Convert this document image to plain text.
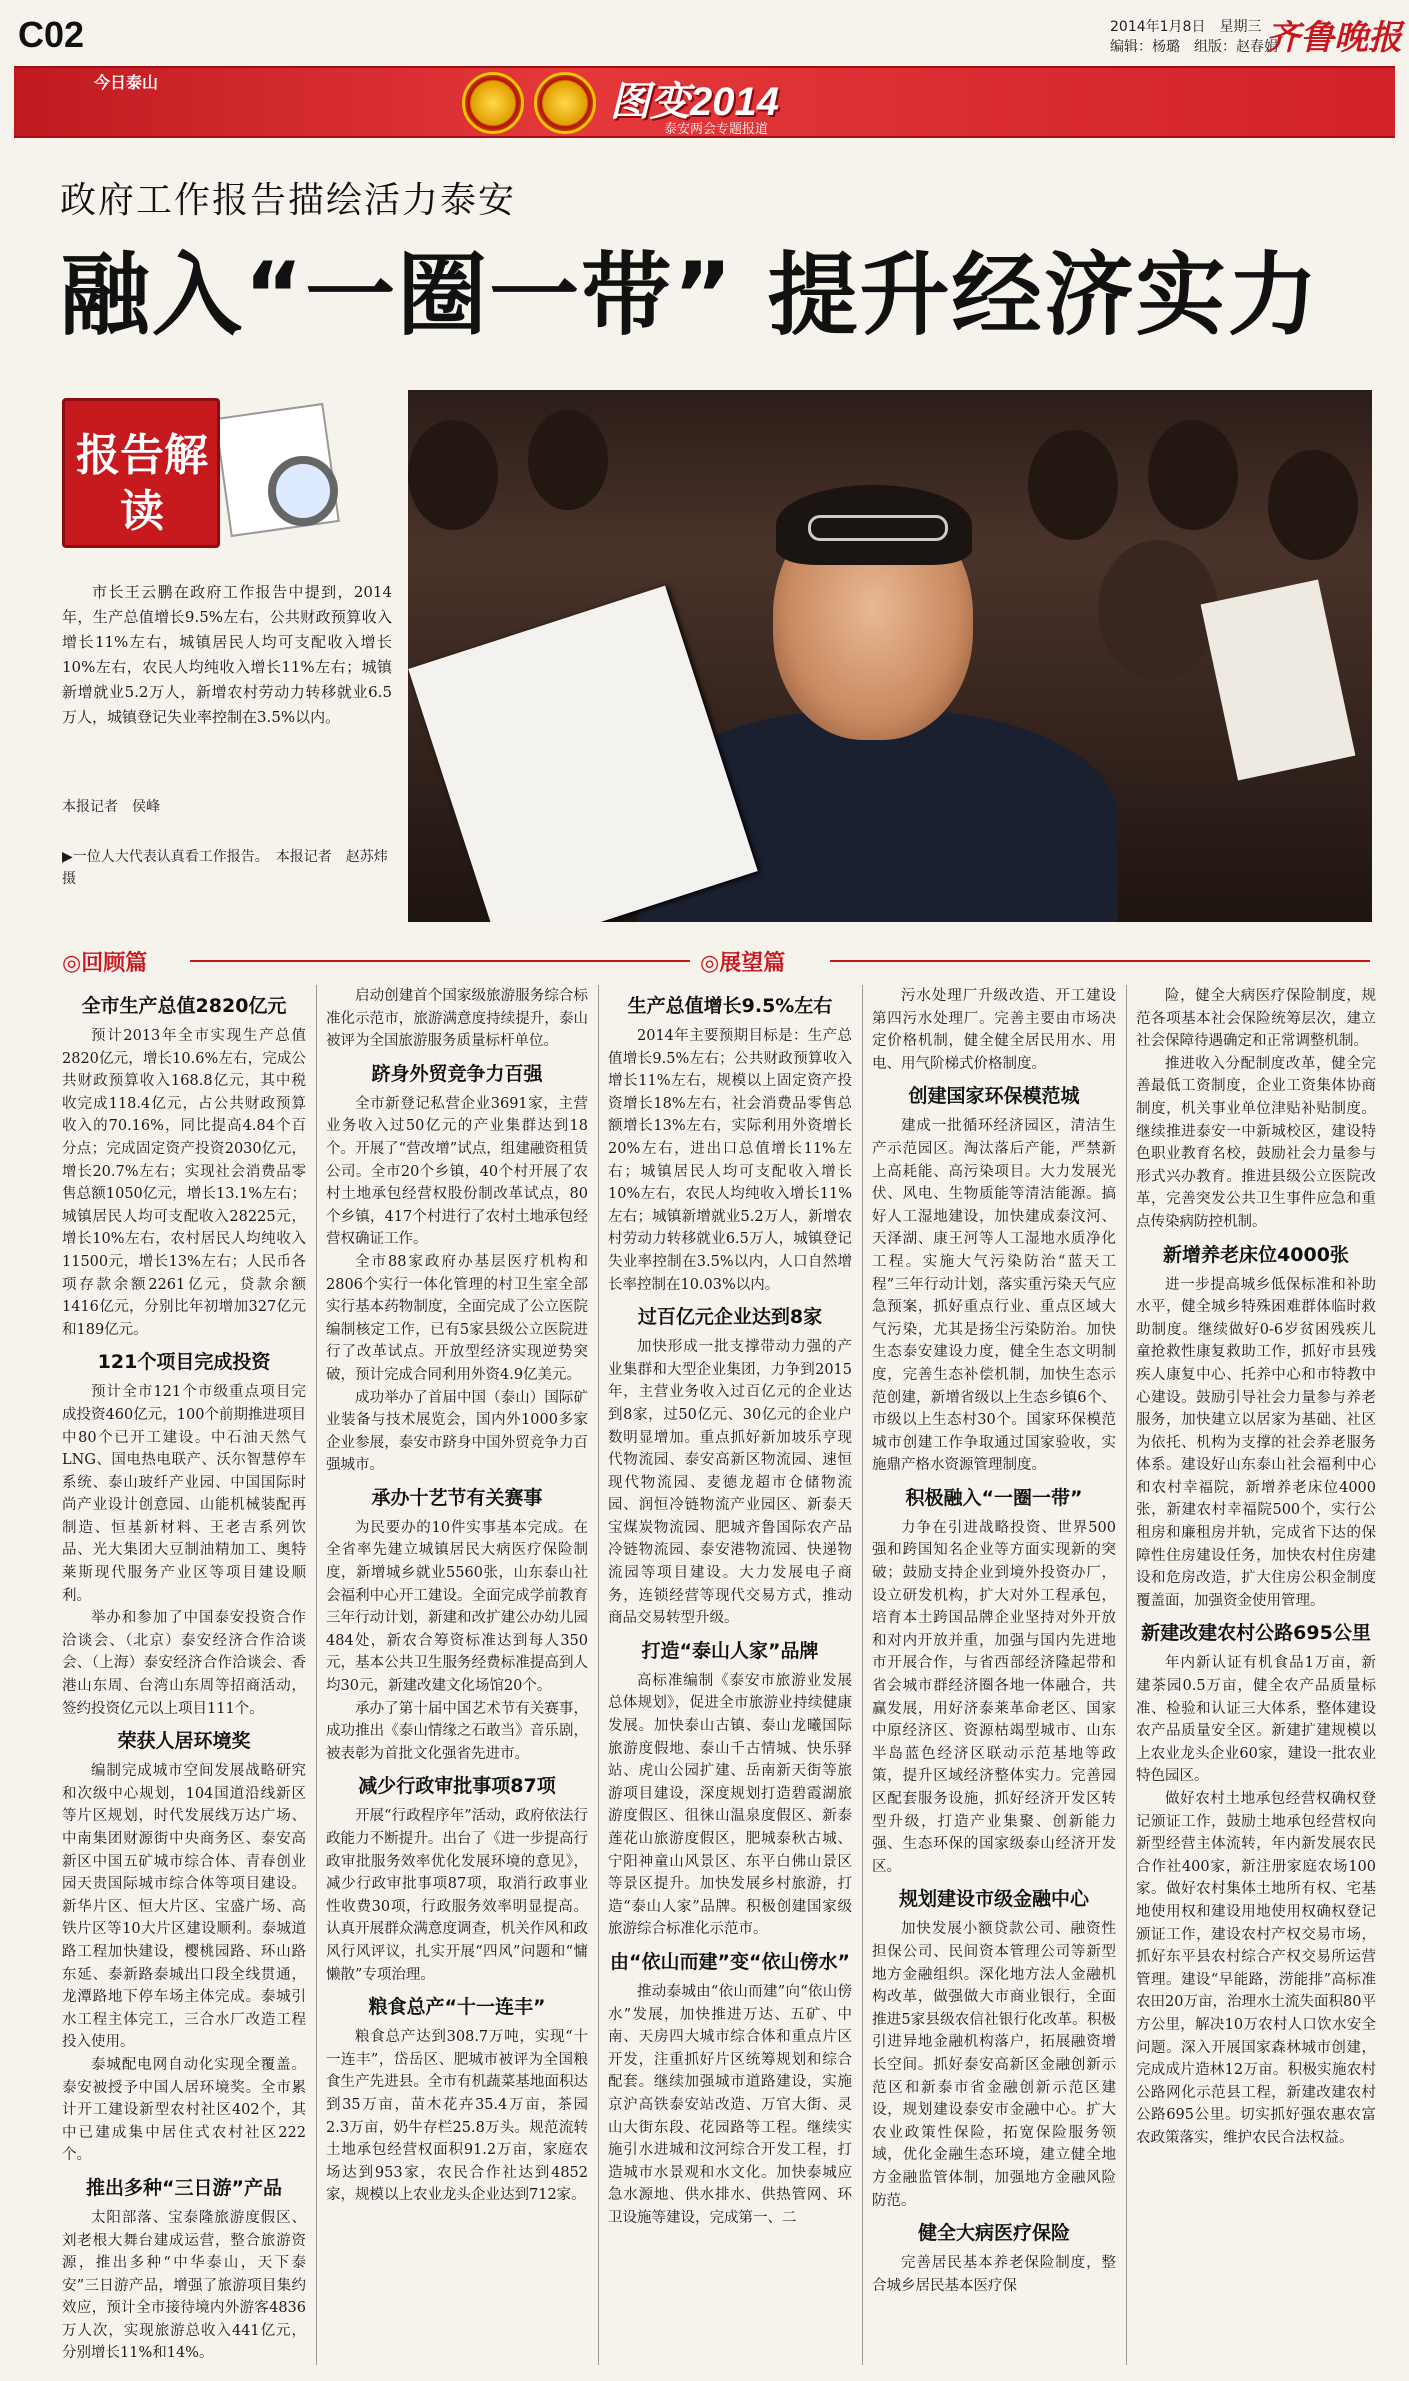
C02	2014年1月8日　星期三
编辑：杨璐　组版：赵春娟
齐鲁晚报
今日泰山	图变2014
泰安两会专题报道
政府工作报告描绘活力泰安
融入“一圈一带” 提升经济实力
报告解读
市长王云鹏在政府工作报告中提到，2014年，生产总值增长9.5%左右，公共财政预算收入增长11%左右，城镇居民人均可支配收入增长10%左右，农民人均纯收入增长11%左右；城镇新增就业5.2万人，新增农村劳动力转移就业6.5万人，城镇登记失业率控制在3.5%以内。
本报记者　侯峰
▶一位人大代表认真看工作报告。　本报记者　赵苏炜　摄
◎回顾篇	◎展望篇
全市生产总值2820亿元

预计2013年全市实现生产总值2820亿元，增长10.6%左右，完成公共财政预算收入168.8亿元，其中税收完成118.4亿元，占公共财政预算收入的70.16%，同比提高4.84个百分点；完成固定资产投资2030亿元，增长20.7%左右；实现社会消费品零售总额1050亿元，增长13.1%左右；城镇居民人均可支配收入28225元，增长10%左右，农村居民人均纯收入11500元，增长13%左右；人民币各项存款余额2261亿元，贷款余额1416亿元，分别比年初增加327亿元和189亿元。

121个项目完成投资

预计全市121个市级重点项目完成投资460亿元，100个前期推进项目中80个已开工建设。中石油天然气LNG、国电热电联产、沃尔智慧停车系统、泰山玻纤产业园、中国国际时尚产业设计创意园、山能机械装配再制造、恒基新材料、王老吉系列饮品、光大集团大豆制油精加工、奥特莱斯现代服务产业区等项目建设顺利。

举办和参加了中国泰安投资合作洽谈会、（北京）泰安经济合作洽谈会、（上海）泰安经济合作洽谈会、香港山东周、台湾山东周等招商活动，签约投资亿元以上项目111个。

荣获人居环境奖

编制完成城市空间发展战略研究和次级中心规划，104国道沿线新区等片区规划，时代发展线万达广场、中南集团财源街中央商务区、泰安高新区中国五矿城市综合体、青春创业园天贵国际城市综合体等项目建设。新华片区、恒大片区、宝盛广场、高铁片区等10大片区建设顺利。泰城道路工程加快建设，樱桃园路、环山路东延、泰新路泰城出口段全线贯通，龙潭路地下停车场主体完成。泰城引水工程主体完工，三合水厂改造工程投入使用。

泰城配电网自动化实现全覆盖。泰安被授予中国人居环境奖。全市累计开工建设新型农村社区402个，其中已建成集中居住式农村社区222个。

推出多种“三日游”产品

太阳部落、宝泰隆旅游度假区、刘老根大舞台建成运营，整合旅游资源，推出多种“中华泰山，天下泰安”三日游产品，增强了旅游项目集约效应，预计全市接待境内外游客4836万人次，实现旅游总收入441亿元，分别增长11%和14%。

启动创建首个国家级旅游服务综合标准化示范市，旅游满意度持续提升，泰山被评为全国旅游服务质量标杆单位。

跻身外贸竞争力百强

全市新登记私营企业3691家，主营业务收入过50亿元的产业集群达到18个。开展了“营改增”试点，组建融资租赁公司。全市20个乡镇，40个村开展了农村土地承包经营权股份制改革试点，80个乡镇，417个村进行了农村土地承包经营权确证工作。

全市88家政府办基层医疗机构和2806个实行一体化管理的村卫生室全部实行基本药物制度，全面完成了公立医院编制核定工作，已有5家县级公立医院进行了改革试点。开放型经济实现逆势突破，预计完成合同利用外资4.9亿美元。

成功举办了首届中国（泰山）国际矿业装备与技术展览会，国内外1000多家企业参展，泰安市跻身中国外贸竞争力百强城市。

承办十艺节有关赛事

为民要办的10件实事基本完成。在全省率先建立城镇居民大病医疗保险制度，新增城乡就业5560张，山东泰山社会福利中心开工建设。全面完成学前教育三年行动计划，新建和改扩建公办幼儿园484处，新农合筹资标准达到每人350元，基本公共卫生服务经费标准提高到人均30元，新建改建文化场馆20个。

承办了第十届中国艺术节有关赛事，成功推出《泰山情缘之石敢当》音乐剧，被表彰为首批文化强省先进市。

减少行政审批事项87项

开展“行政程序年”活动，政府依法行政能力不断提升。出台了《进一步提高行政审批服务效率优化发展环境的意见》，减少行政审批事项87项，取消行政事业性收费30项，行政服务效率明显提高。认真开展群众满意度调查，机关作风和政风行风评议，扎实开展“四风”问题和“慵懒散”专项治理。

粮食总产“十一连丰”

粮食总产达到308.7万吨，实现“十一连丰”，岱岳区、肥城市被评为全国粮食生产先进县。全市有机蔬菜基地面积达到35万亩，苗木花卉35.4万亩，茶园2.3万亩，奶牛存栏25.8万头。规范流转土地承包经营权面积91.2万亩，家庭农场达到953家，农民合作社达到4852家，规模以上农业龙头企业达到712家。

生产总值增长9.5%左右

2014年主要预期目标是：生产总值增长9.5%左右；公共财政预算收入增长11%左右，规模以上固定资产投资增长18%左右，社会消费品零售总额增长13%左右，实际利用外资增长20%左右，进出口总值增长11%左右；城镇居民人均可支配收入增长10%左右，农民人均纯收入增长11%左右；城镇新增就业5.2万人，新增农村劳动力转移就业6.5万人，城镇登记失业率控制在3.5%以内，人口自然增长率控制在10.03%以内。

过百亿元企业达到8家

加快形成一批支撑带动力强的产业集群和大型企业集团，力争到2015年，主营业务收入过百亿元的企业达到8家，过50亿元、30亿元的企业户数明显增加。重点抓好新加坡乐亨现代物流园、泰安高新区物流园、速恒现代物流园、麦德龙超市仓储物流园、润恒冷链物流产业园区、新泰天宝煤炭物流园、肥城齐鲁国际农产品冷链物流园、泰安港物流园、快递物流园等项目建设。大力发展电子商务，连锁经营等现代交易方式，推动商品交易转型升级。

打造“泰山人家”品牌

高标准编制《泰安市旅游业发展总体规划》，促进全市旅游业持续健康发展。加快泰山古镇、泰山龙曦国际旅游度假地、泰山千古情城、快乐驿站、虎山公园扩建、岳南新天街等旅游项目建设，深度规划打造碧霞湖旅游度假区、徂徕山温泉度假区、新泰莲花山旅游度假区，肥城泰秋古城、宁阳神童山风景区、东平白佛山景区等景区提升。加快发展乡村旅游，打造“泰山人家”品牌。积极创建国家级旅游综合标准化示范市。

由“依山而建”变“依山傍水”

推动泰城由“依山而建”向“依山傍水”发展，加快推进万达、五矿、中南、天房四大城市综合体和重点片区开发，注重抓好片区统筹规划和综合配套。继续加强城市道路建设，实施京沪高铁泰安站改造、万官大街、灵山大街东段、花园路等工程。继续实施引水进城和汶河综合开发工程，打造城市水景观和水文化。加快泰城应急水源地、供水排水、供热管网、环卫设施等建设，完成第一、二

污水处理厂升级改造、开工建设第四污水处理厂。完善主要由市场决定价格机制，健全健全居民用水、用电、用气阶梯式价格制度。

创建国家环保模范城

建成一批循环经济园区，清洁生产示范园区。淘汰落后产能，严禁新上高耗能、高污染项目。大力发展光伏、风电、生物质能等清洁能源。搞好人工湿地建设，加快建成泰汶河、天泽湖、康王河等人工湿地水质净化工程。实施大气污染防治“蓝天工程”三年行动计划，落实重污染天气应急预案，抓好重点行业、重点区域大气污染，尤其是扬尘污染防治。加快生态泰安建设力度，健全生态文明制度，完善生态补偿机制，加快生态示范创建，新增省级以上生态乡镇6个、市级以上生态村30个。国家环保模范城市创建工作争取通过国家验收，实施鼎产格水资源管理制度。

积极融入“一圈一带”

力争在引进战略投资、世界500强和跨国知名企业等方面实现新的突破；鼓励支持企业到境外投资办厂，设立研发机构，扩大对外工程承包，培育本土跨国品牌企业坚持对外开放和对内开放并重，加强与国内先进地市开展合作，与省西部经济隆起带和省会城市群经济圈各地一体融合，共赢发展，用好济泰莱革命老区、国家中原经济区、资源枯竭型城市、山东半岛蓝色经济区联动示范基地等政策，提升区域经济整体实力。完善园区配套服务设施，抓好经济开发区转型升级，打造产业集聚、创新能力强、生态环保的国家级泰山经济开发区。

规划建设市级金融中心

加快发展小额贷款公司、融资性担保公司、民间资本管理公司等新型地方金融组织。深化地方法人金融机构改革，做强做大市商业银行，全面推进5家县级农信社银行化改革。积极引进异地金融机构落户，拓展融资增长空间。抓好泰安高新区金融创新示范区和新泰市省金融创新示范区建设，规划建设泰安市金融中心。扩大农业政策性保险，拓宽保险服务领域，优化金融生态环境，建立健全地方金融监管体制，加强地方金融风险防范。

健全大病医疗保险

完善居民基本养老保险制度，整合城乡居民基本医疗保

险，健全大病医疗保险制度，规范各项基本社会保险统筹层次，建立社会保障待遇确定和正常调整机制。

推进收入分配制度改革，健全完善最低工资制度，企业工资集体协商制度，机关事业单位津贴补贴制度。继续推进泰安一中新城校区，建设特色职业教育名校，鼓励社会力量参与形式兴办教育。推进县级公立医院改革，完善突发公共卫生事件应急和重点传染病防控机制。

新增养老床位4000张

进一步提高城乡低保标准和补助水平，健全城乡特殊困难群体临时救助制度。继续做好0-6岁贫困残疾儿童抢救性康复救助工作，抓好市县残疾人康复中心、托养中心和市特教中心建设。鼓励引导社会力量参与养老服务，加快建立以居家为基础、社区为依托、机构为支撑的社会养老服务体系。建设好山东泰山社会福利中心和农村幸福院，新增养老床位4000张，新建农村幸福院500个，实行公租房和廉租房并轨，完成省下达的保障性住房建设任务，加快农村住房建设和危房改造，扩大住房公积金制度覆盖面，加强资金使用管理。

新建改建农村公路695公里

年内新认证有机食品1万亩，新建茶园0.5万亩，健全农产品质量标准、检验和认证三大体系，整体建设农产品质量安全区。新建扩建规模以上农业龙头企业60家，建设一批农业特色园区。

做好农村土地承包经营权确权登记颁证工作，鼓励土地承包经营权向新型经营主体流转，年内新发展农民合作社400家，新注册家庭农场100家。做好农村集体土地所有权、宅基地使用权和建设用地使用权确权登记颁证工作，建设农村产权交易市场，抓好东平县农村综合产权交易所运营管理。建设“早能路，涝能排”高标准农田20万亩，治理水土流失面积80平方公里，解决10万农村人口饮水安全问题。深入开展国家森林城市创建，完成成片造林12万亩。积极实施农村公路网化示范县工程，新建改建农村公路695公里。切实抓好强农惠农富农政策落实，维护农民合法权益。
